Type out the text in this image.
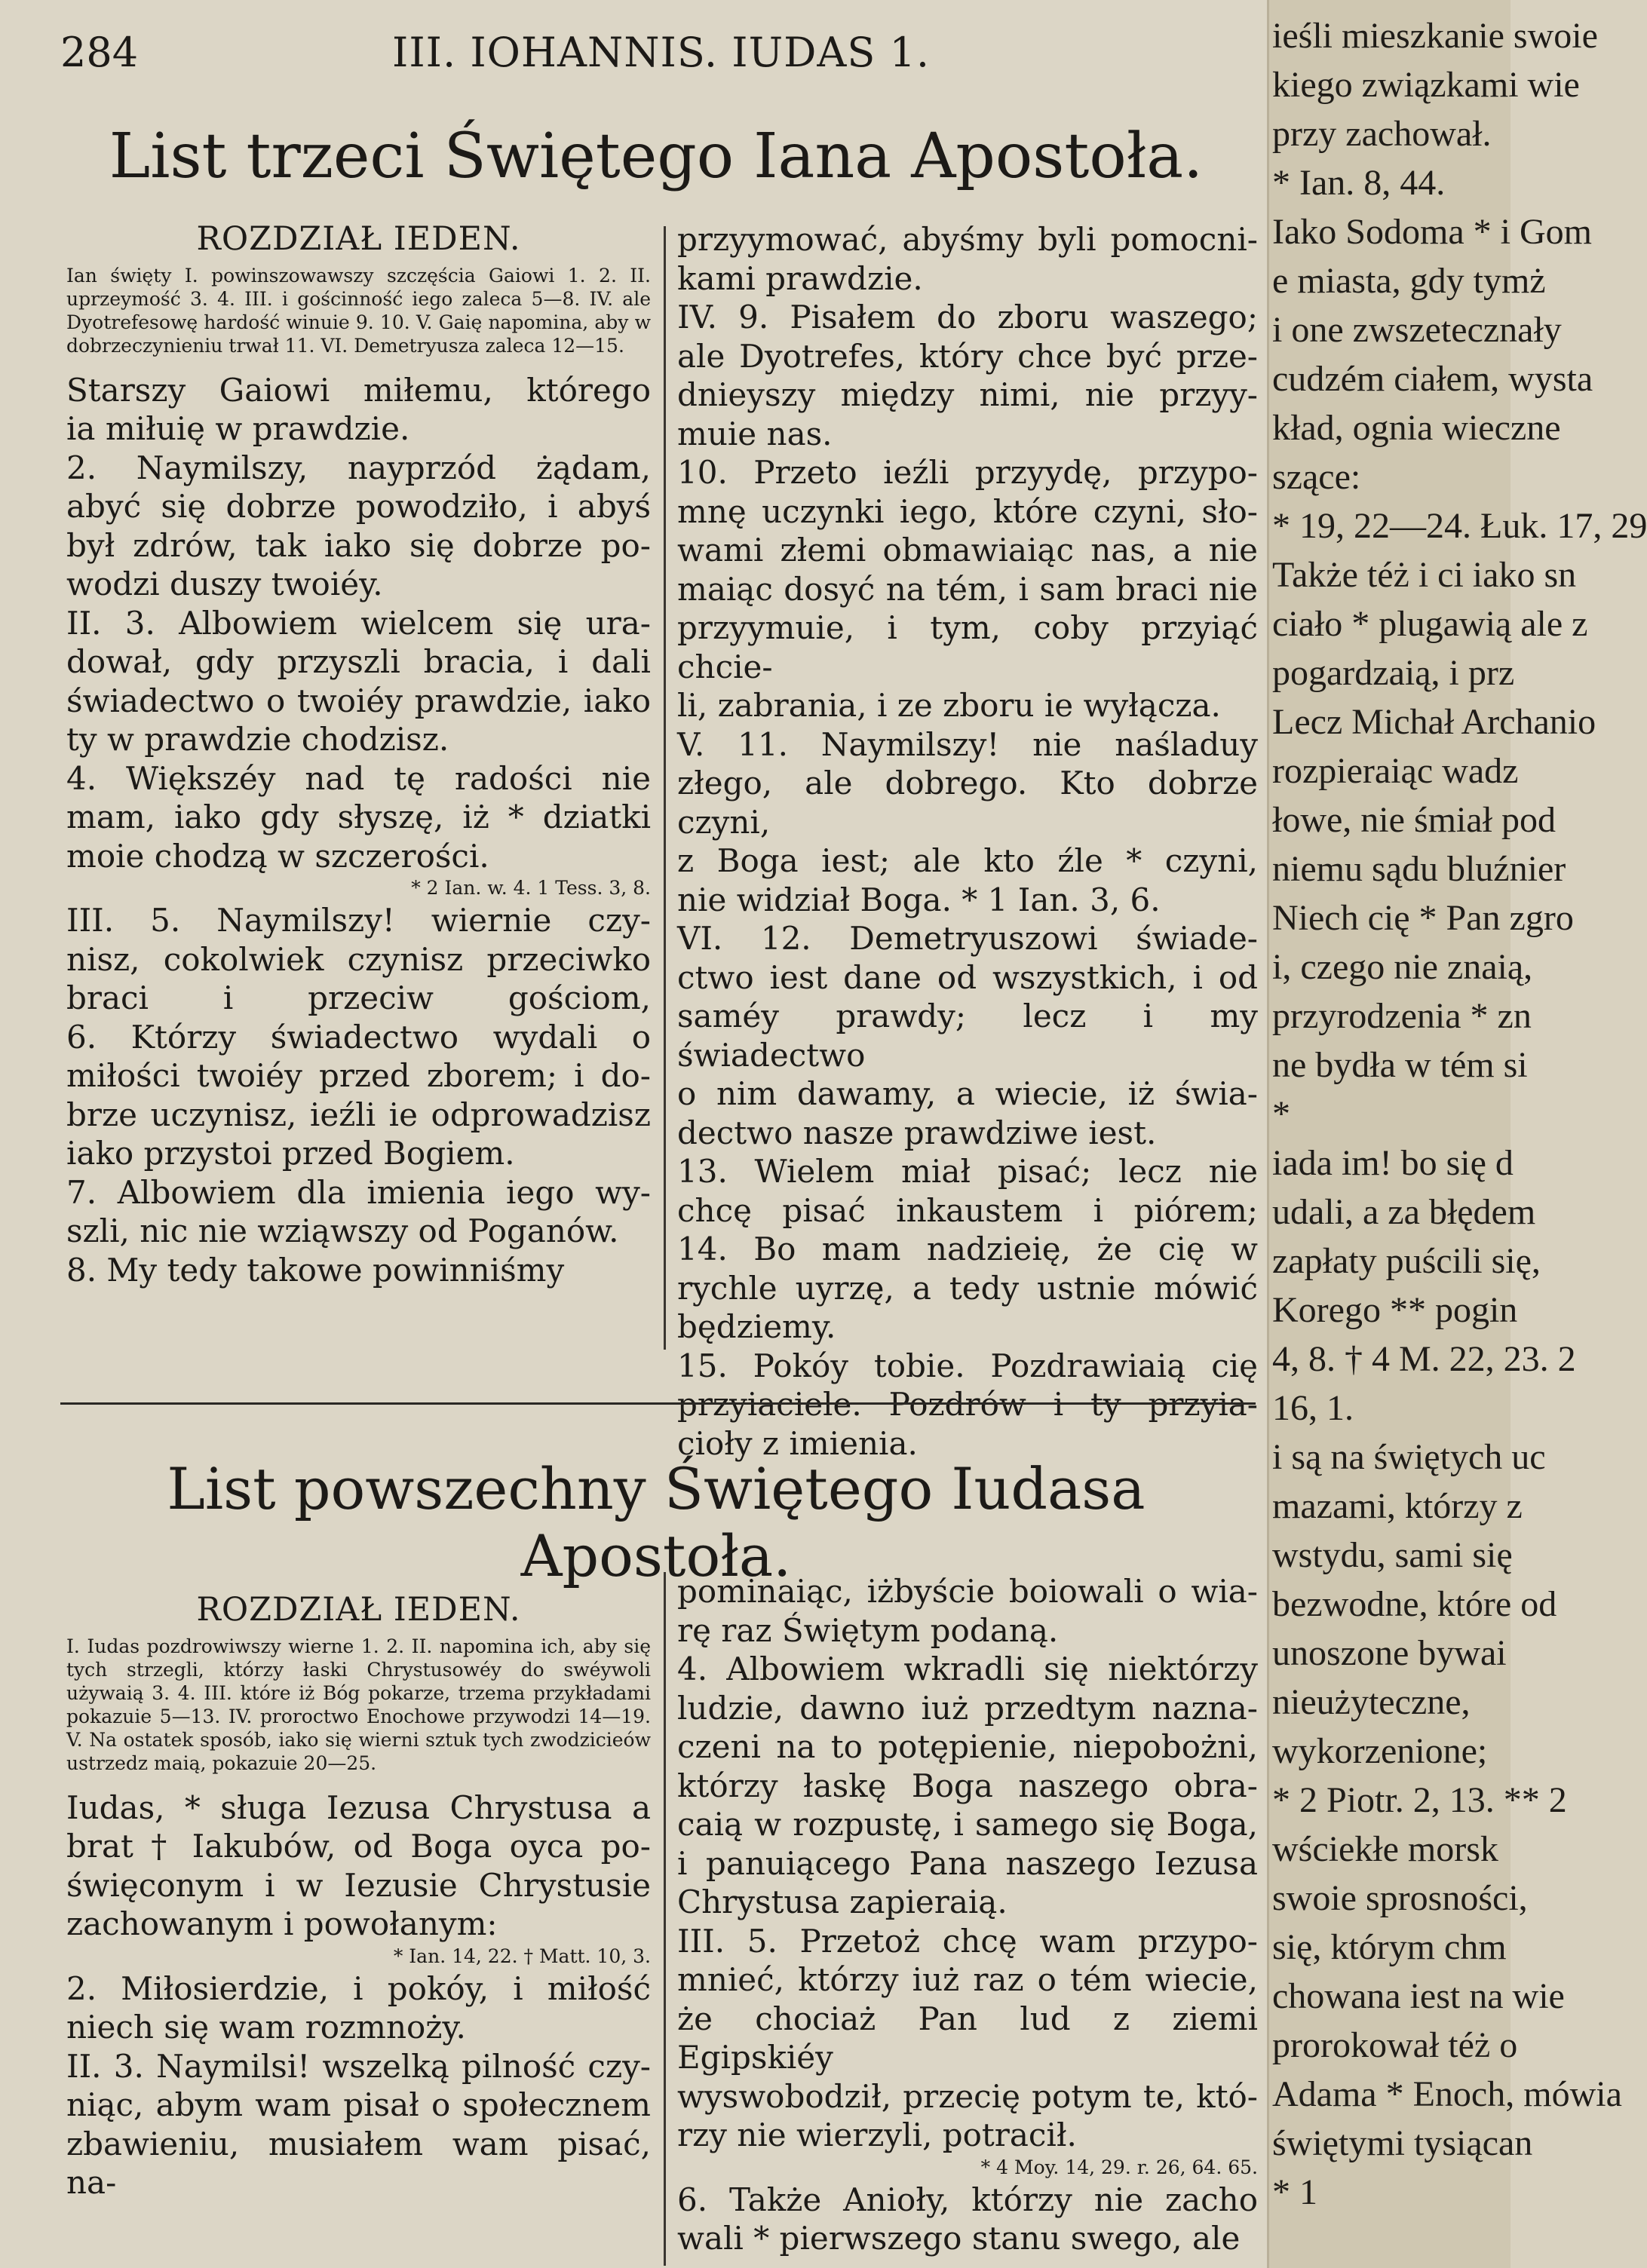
284	III. IOHANNIS. IUDAS 1.
List trzeci Świętego Iana Apostoła.

ROZDZIAŁ IEDEN.

Ian święty I. powinszowawszy szczęścia Gaiowi 1. 2. II. uprzeymość 3. 4. III. i gościnność iego zaleca 5—8. IV. ale Dyotrefesowę hardość winuie 9. 10. V. Gaię napomina, aby w dobrzeczynieniu trwał 11. VI. Demetryusza zaleca 12—15.

Starszy Gaiowi miłemu, którego

ia miłuię w prawdzie.

2. Naymilszy, nayprzód żądam,

abyć się dobrze powodziło, i abyś

był zdrów, tak iako się dobrze po-

wodzi duszy twoiéy.

II. 3. Albowiem wielcem się ura-

dował, gdy przyszli bracia, i dali

świadectwo o twoiéy prawdzie, iako

ty w prawdzie chodzisz.

4. Większéy nad tę radości nie

mam, iako gdy słyszę, iż * dziatki

moie chodzą w szczerości.

* 2 Ian. w. 4. 1 Tess. 3, 8.

III. 5. Naymilszy! wiernie czy-

nisz, cokolwiek czynisz przeciwko

braci i przeciw gościom,

6. Którzy świadectwo wydali o

miłości twoiéy przed zborem; i do-

brze uczynisz, ieźli ie odprowadzisz

iako przystoi przed Bogiem.

7. Albowiem dla imienia iego wy-

szli, nic nie wziąwszy od Poganów.

8. My tedy takowe powinniśmy

przyymować, abyśmy byli pomocni-

kami prawdzie.

IV. 9. Pisałem do zboru waszego;

ale Dyotrefes, który chce być prze-

dnieyszy między nimi, nie przyy-

muie nas.

10. Przeto ieźli przyydę, przypo-

mnę uczynki iego, które czyni, sło-

wami złemi obmawiaiąc nas, a nie

maiąc dosyć na tém, i sam braci nie

przyymuie, i tym, coby przyiąć chcie-

li, zabrania, i ze zboru ie wyłącza.

V. 11. Naymilszy! nie naśladuy

złego, ale dobrego. Kto dobrze czyni,

z Boga iest; ale kto źle * czyni,

nie widział Boga. * 1 Ian. 3, 6.

VI. 12. Demetryuszowi świade-

ctwo iest dane od wszystkich, i od

saméy prawdy; lecz i my świadectwo

o nim dawamy, a wiecie, iż świa-

dectwo nasze prawdziwe iest.

13. Wielem miał pisać; lecz nie

chcę pisać inkaustem i piórem;

14. Bo mam nadzieię, że cię w

rychle uyrzę, a tedy ustnie mówić

będziemy.

15. Pokóy tobie. Pozdrawiaią cię

przyiaciele. Pozdrów i ty przyia-

cioły z imienia.

List powszechny Świętego Iudasa Apostoła.

ROZDZIAŁ IEDEN.

I. Iudas pozdrowiwszy wierne 1. 2. II. napomina ich, aby się tych strzegli, którzy łaski Chrystusowéy do swéywoli używaią 3. 4. III. które iż Bóg pokarze, trzema przykładami pokazuie 5—13. IV. proroctwo Enochowe przywodzi 14—19. V. Na ostatek sposób, iako się wierni sztuk tych zwodzicieów ustrzedz maią, pokazuie 20—25.

Iudas, * sługa Iezusa Chrystusa a

brat † Iakubów, od Boga oyca po-

święconym i w Iezusie Chrystusie

zachowanym i powołanym:

* Ian. 14, 22. † Matt. 10, 3.

2. Miłosierdzie, i pokóy, i miłość

niech się wam rozmnoży.

II. 3. Naymilsi! wszelką pilność czy-

niąc, abym wam pisał o społecznem

zbawieniu, musiałem wam pisać, na-

pominaiąc, iżbyście boiowali o wia-

rę raz Świętym podaną.

4. Albowiem wkradli się niektórzy

ludzie, dawno iuż przedtym nazna-

czeni na to potępienie, niepobożni,

którzy łaskę Boga naszego obra-

caią w rozpustę, i samego się Boga,

i panuiącego Pana naszego Iezusa

Chrystusa zapieraią.

III. 5. Przetoż chcę wam przypo-

mnieć, którzy iuż raz o tém wiecie,

że chociaż Pan lud z ziemi Egipskiéy

wyswobodził, przecię potym te, któ-

rzy nie wierzyli, potracił.

* 4 Moy. 14, 29. r. 26, 64. 65.

6. Także Anioły, którzy nie zacho

wali * pierwszego stanu swego, ale

ieśli mieszkanie swoie
kiego związkami wie
przy zachował.
* Ian. 8, 44.
Iako Sodoma * i Gom
e miasta, gdy tymż
i one zwszetecznały
cudzém ciałem, wysta
kład, ognia wieczne
szące:
* 19, 22—24. Łuk. 17, 29
Także téż i ci iako sn
ciało * plugawią ale z
pogardzaią, i prz
Lecz Michał Archanio
rozpieraiąc wadz
łowe, nie śmiał pod
niemu sądu bluźnier
Niech cię * Pan zgro
i, czego nie znaią,
przyrodzenia * zn
ne bydła w tém si
*
iada im! bo się d
udali, a za błędem
zapłaty puścili się,
Korego ** pogin
4, 8. † 4 M. 22, 23. 2
16, 1.
i są na świętych uc
mazami, którzy z
wstydu, sami się
bezwodne, które od
unoszone bywai
nieużyteczne,
wykorzenione;
* 2 Piotr. 2, 13. ** 2
wściekłe morsk
swoie sprosności,
się, którym chm
chowana iest na wie
prorokował téż o
Adama * Enoch, mówia
świętymi tysiącan
* 1
